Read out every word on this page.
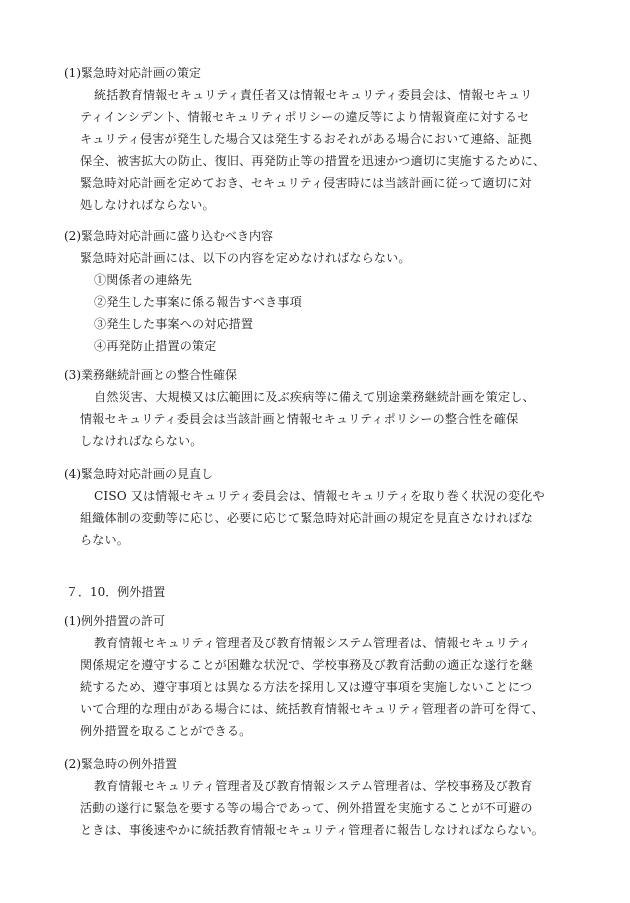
(1)緊急時対応計画の策定
統括教育情報セキュリティ責任者又は情報セキュリティ委員会は、情報セキュリ
ティインシデント、情報セキュリティポリシーの違反等により情報資産に対するセ
キュリティ侵害が発生した場合又は発生するおそれがある場合において連絡、証拠
保全、被害拡大の防止、復旧、再発防止等の措置を迅速かつ適切に実施するために、
緊急時対応計画を定めておき、セキュリティ侵害時には当該計画に従って適切に対
処しなければならない。
(2)緊急時対応計画に盛り込むべき内容
緊急時対応計画には、以下の内容を定めなければならない。
①関係者の連絡先
②発生した事案に係る報告すべき事項
③発生した事案への対応措置
④再発防止措置の策定
(3)業務継続計画との整合性確保
自然災害、大規模又は広範囲に及ぶ疾病等に備えて別途業務継続計画を策定し、
情報セキュリティ委員会は当該計画と情報セキュリティポリシーの整合性を確保
しなければならない。
(4)緊急時対応計画の見直し
CISO 又は情報セキュリティ委員会は、情報セキュリティを取り巻く状況の変化や
組織体制の変動等に応じ、必要に応じて緊急時対応計画の規定を見直さなければな
らない。
７．10．例外措置
(1)例外措置の許可
教育情報セキュリティ管理者及び教育情報システム管理者は、情報セキュリティ
関係規定を遵守することが困難な状況で、学校事務及び教育活動の適正な遂行を継
続するため、遵守事項とは異なる方法を採用し又は遵守事項を実施しないことにつ
いて合理的な理由がある場合には、統括教育情報セキュリティ管理者の許可を得て、
例外措置を取ることができる。
(2)緊急時の例外措置
教育情報セキュリティ管理者及び教育情報システム管理者は、学校事務及び教育
活動の遂行に緊急を要する等の場合であって、例外措置を実施することが不可避の
ときは、事後速やかに統括教育情報セキュリティ管理者に報告しなければならない。
